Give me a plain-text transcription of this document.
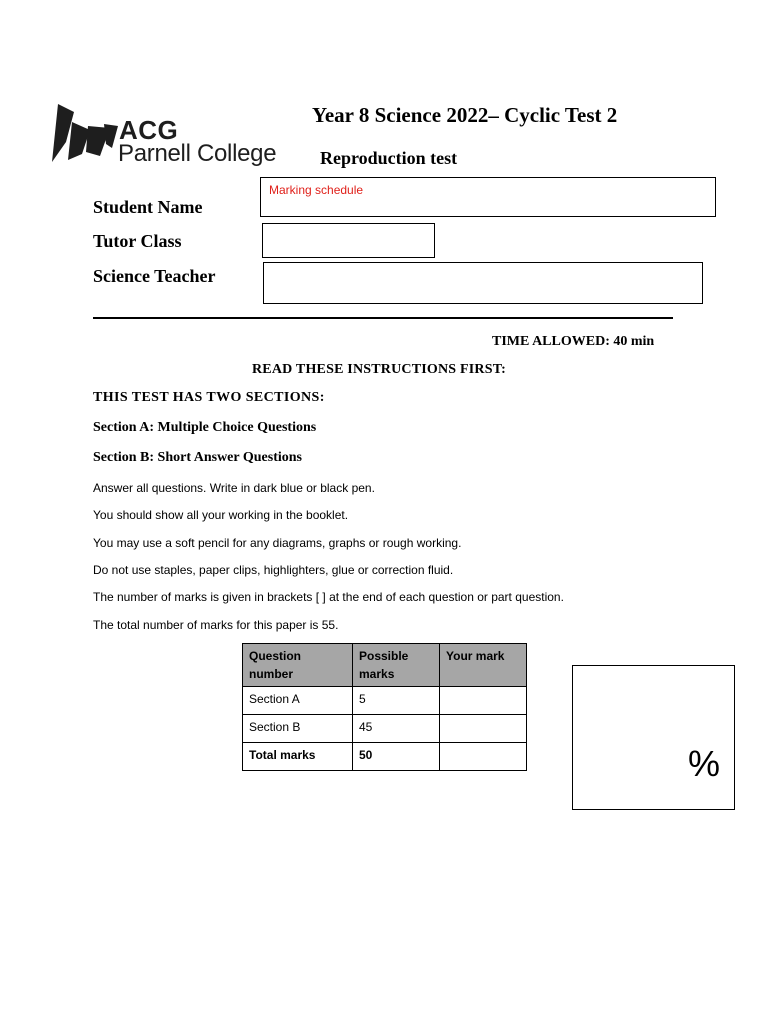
ACG
Parnell College
Year 8 Science 2022– Cyclic Test 2
Reproduction test
Student Name
Marking schedule
Tutor Class
Science Teacher
TIME ALLOWED: 40 min
READ THESE INSTRUCTIONS FIRST:
THIS TEST HAS TWO SECTIONS:
Section A: Multiple Choice Questions
Section B: Short Answer Questions
Answer all questions. Write in dark blue or black pen.
You should show all your working in the booklet.
You may use a soft pencil for any diagrams, graphs or rough working.
Do not use staples, paper clips, highlighters, glue or correction fluid.
The number of marks is given in brackets [ ] at the end of each question or part question.
The total number of marks for this paper is 55.
Question number	Possible marks	Your mark
Section A	5	
Section B	45	
Total marks	50		%
